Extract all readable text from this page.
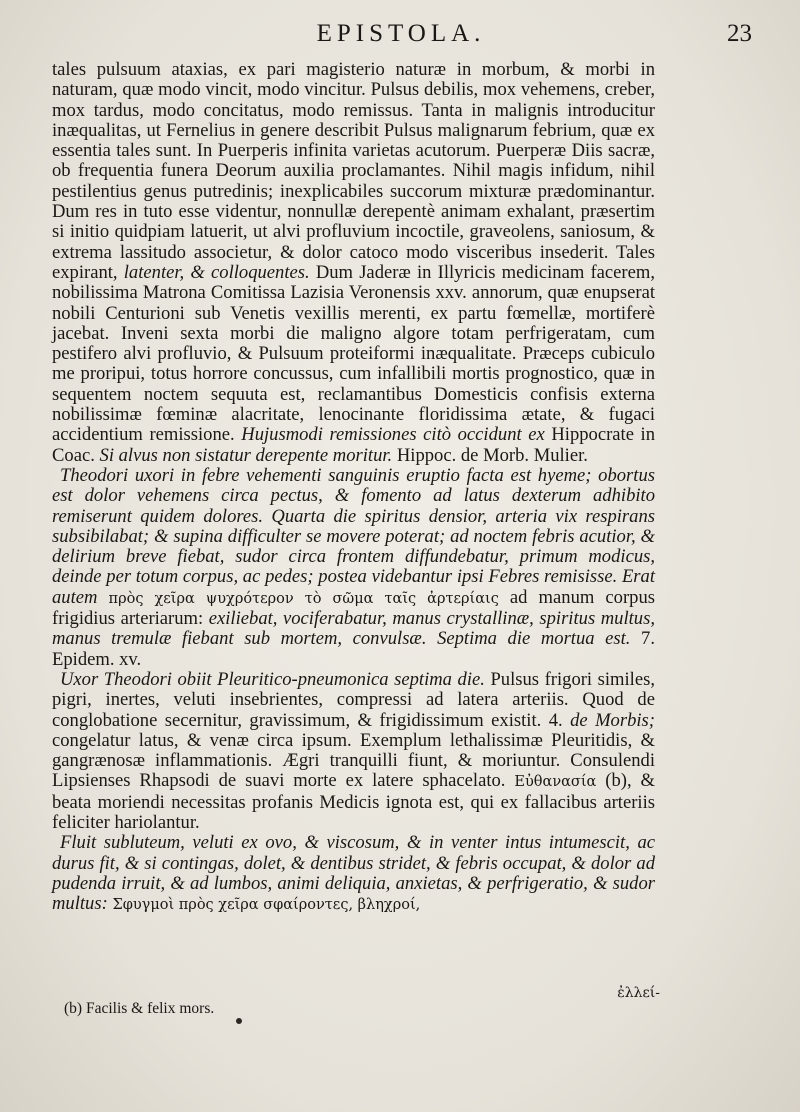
EPISTOLA.	23

tales pulsuum ataxias, ex pari magisterio naturæ in morbum, & morbi in naturam, quæ modo vincit, modo vincitur. Pulsus debilis, mox vehemens, creber, mox tardus, modo concitatus, modo remissus. Tanta in malignis introducitur inæqualitas, ut Fernelius in genere describit Pulsus malignarum febrium, quæ ex essentia tales sunt. In Puerperis infinita varietas acutorum. Puerperæ Diis sacræ, ob frequentia funera Deorum auxilia proclamantes. Nihil magis infidum, nihil pestilentius genus putredinis; inexplicabiles succorum mixturæ prædominantur. Dum res in tuto esse videntur, nonnullæ derepentè animam exhalant, præsertim si initio quidpiam latuerit, ut alvi profluvium incoctile, graveolens, saniosum, & extrema lassitudo associetur, & dolor catoco modo visceribus insederit. Tales expirant, latenter, & colloquentes. Dum Jaderæ in Illyricis medicinam facerem, nobilissima Matrona Comitissa Lazisia Veronensis xxv. annorum, quæ enupserat nobili Centurioni sub Venetis vexillis merenti, ex partu fœmellæ, mortiferè jacebat. Inveni sexta morbi die maligno algore totam perfrigeratam, cum pestifero alvi profluvio, & Pulsuum proteiformi inæqualitate. Præceps cubiculo me proripui, totus horrore concussus, cum infallibili mortis prognostico, quæ in sequentem noctem sequuta est, reclamantibus Domesticis confisis externa nobilissimæ fœminæ alacritate, lenocinante floridissima ætate, & fugaci accidentium remissione. Hujusmodi remissiones citò occidunt ex Hippocrate in Coac. Si alvus non sistatur derepente moritur. Hippoc. de Morb. Mulier.

Theodori uxori in febre vehementi sanguinis eruptio facta est hyeme; obortus est dolor vehemens circa pectus, & fomento ad latus dexterum adhibito remiserunt quidem dolores. Quarta die spiritus densior, arteria vix respirans subsibilabat; & supina difficulter se movere poterat; ad noctem febris acutior, & delirium breve fiebat, sudor circa frontem diffundebatur, primum modicus, deinde per totum corpus, ac pedes; postea videbantur ipsi Febres remisisse. Erat autem πρὸς χεῖρα ψυχρότερον τὸ σῶμα ταῖς ἀρτερίαις ad manum corpus frigidius arteriarum: exiliebat, vociferabatur, manus crystallinæ, spiritus multus, manus tremulæ fiebant sub mortem, convulsæ. Septima die mortua est. 7. Epidem. xv.

Uxor Theodori obiit Pleuritico-pneumonica septima die. Pulsus frigori similes, pigri, inertes, veluti insebrientes, compressi ad latera arteriis. Quod de conglobatione secernitur, gravissimum, & frigidissimum existit. 4. de Morbis; congelatur latus, & venæ circa ipsum. Exemplum lethalissimæ Pleuritidis, & gangrænosæ inflammationis. Ægri tranquilli fiunt, & moriuntur. Consulendi Lipsienses Rhapsodi de suavi morte ex latere sphacelato. Εὐθανασία (b), & beata moriendi necessitas profanis Medicis ignota est, qui ex fallacibus arteriis feliciter hariolantur.

Fluit subluteum, veluti ex ovo, & viscosum, & in venter intus intumescit, ac durus fit, & si contingas, dolet, & dentibus stridet, & febris occupat, & dolor ad pudenda irruit, & ad lumbos, animi deliquia, anxietas, & perfrigeratio, & sudor multus: Σφυγμοὶ πρὸς χεῖρα σφαίροντες, βληχροί,

ἐλλεί-
(b) Facilis & felix mors.
